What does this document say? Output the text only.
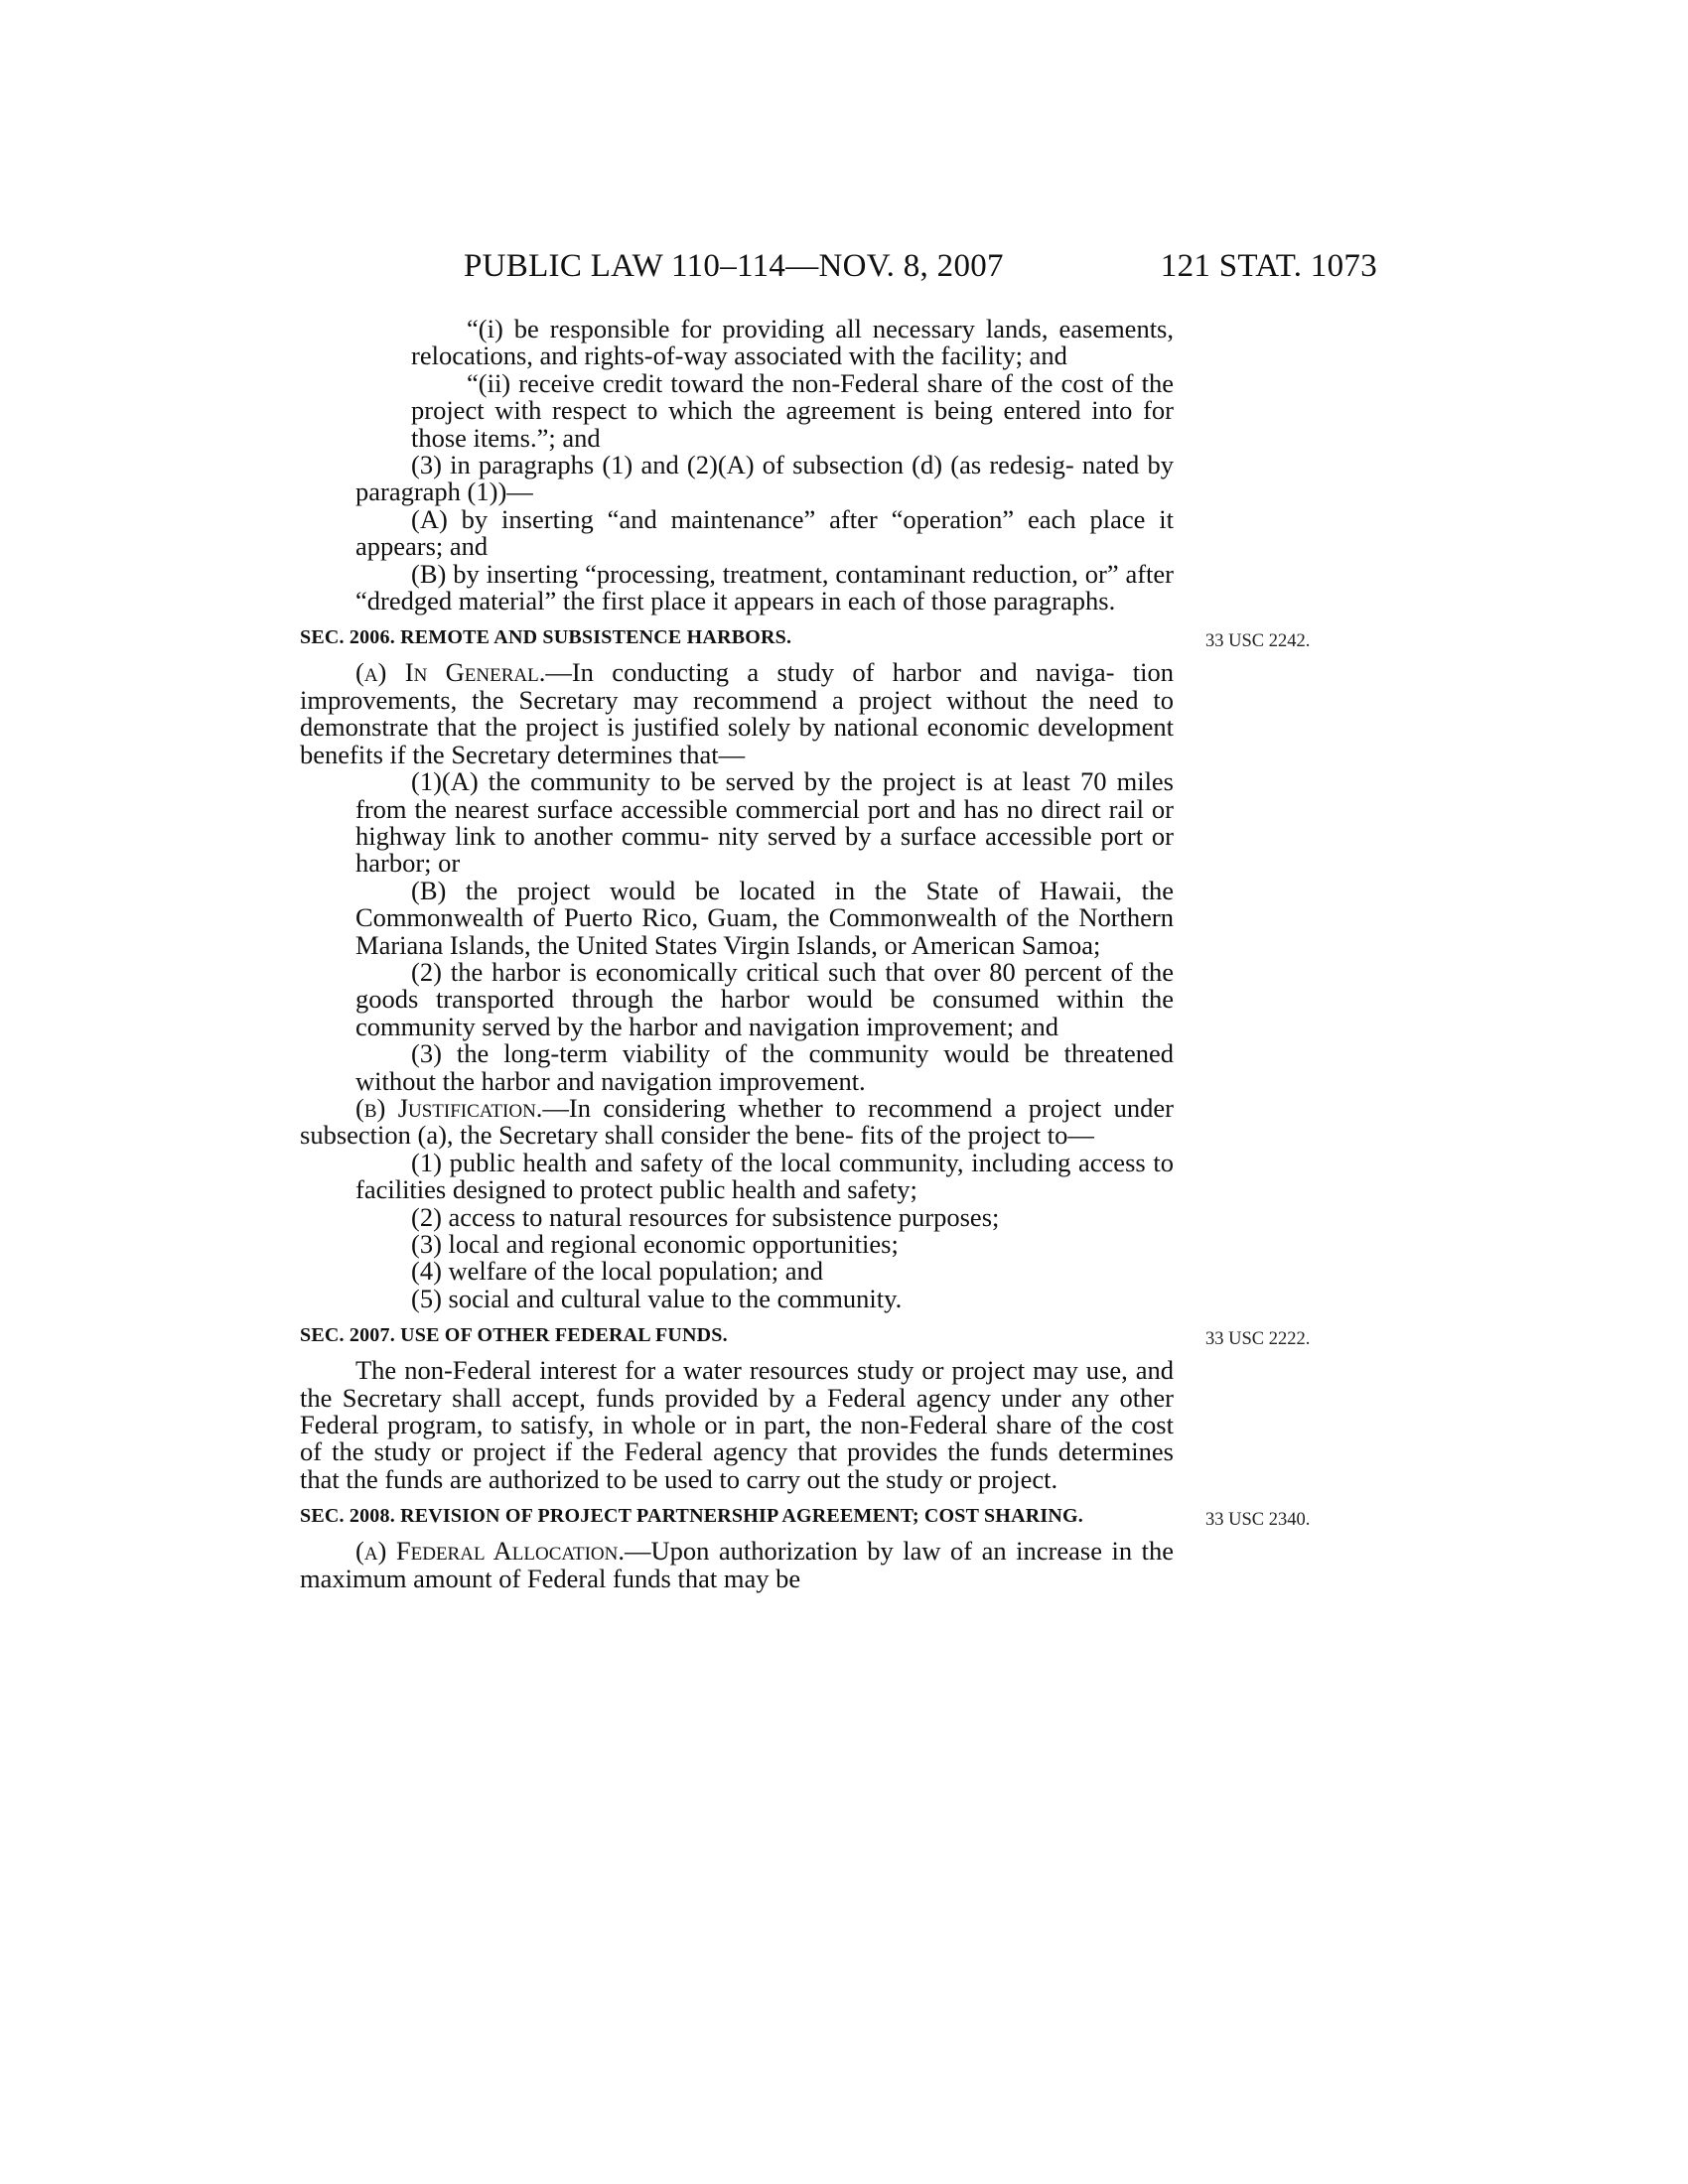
PUBLIC LAW 110–114—NOV. 8, 2007	121 STAT. 1073

“(i) be responsible for providing all necessary lands, easements, relocations, and rights-of-way associated with the facility; and

“(ii) receive credit toward the non-Federal share of the cost of the project with respect to which the agreement is being entered into for those items.”; and

(3) in paragraphs (1) and (2)(A) of subsection (d) (as redesig- nated by paragraph (1))—

(A) by inserting “and maintenance” after “operation” each place it appears; and

(B) by inserting “processing, treatment, contaminant reduction, or” after “dredged material” the first place it appears in each of those paragraphs.

SEC. 2006. REMOTE AND SUBSISTENCE HARBORS.	33 USC 2242.

(a) In General.—In conducting a study of harbor and naviga- tion improvements, the Secretary may recommend a project without the need to demonstrate that the project is justified solely by national economic development benefits if the Secretary determines that—

(1)(A) the community to be served by the project is at least 70 miles from the nearest surface accessible commercial port and has no direct rail or highway link to another commu- nity served by a surface accessible port or harbor; or

(B) the project would be located in the State of Hawaii, the Commonwealth of Puerto Rico, Guam, the Commonwealth of the Northern Mariana Islands, the United States Virgin Islands, or American Samoa;

(2) the harbor is economically critical such that over 80 percent of the goods transported through the harbor would be consumed within the community served by the harbor and navigation improvement; and

(3) the long-term viability of the community would be threatened without the harbor and navigation improvement.

(b) Justification.—In considering whether to recommend a project under subsection (a), the Secretary shall consider the bene- fits of the project to—

(1) public health and safety of the local community, including access to facilities designed to protect public health and safety;

(2) access to natural resources for subsistence purposes;

(3) local and regional economic opportunities;

(4) welfare of the local population; and

(5) social and cultural value to the community.

SEC. 2007. USE OF OTHER FEDERAL FUNDS.	33 USC 2222.

The non-Federal interest for a water resources study or project may use, and the Secretary shall accept, funds provided by a Federal agency under any other Federal program, to satisfy, in whole or in part, the non-Federal share of the cost of the study or project if the Federal agency that provides the funds determines that the funds are authorized to be used to carry out the study or project.

SEC. 2008. REVISION OF PROJECT PARTNERSHIP AGREEMENT; COST SHARING.	33 USC 2340.

(a) Federal Allocation.—Upon authorization by law of an increase in the maximum amount of Federal funds that may be
